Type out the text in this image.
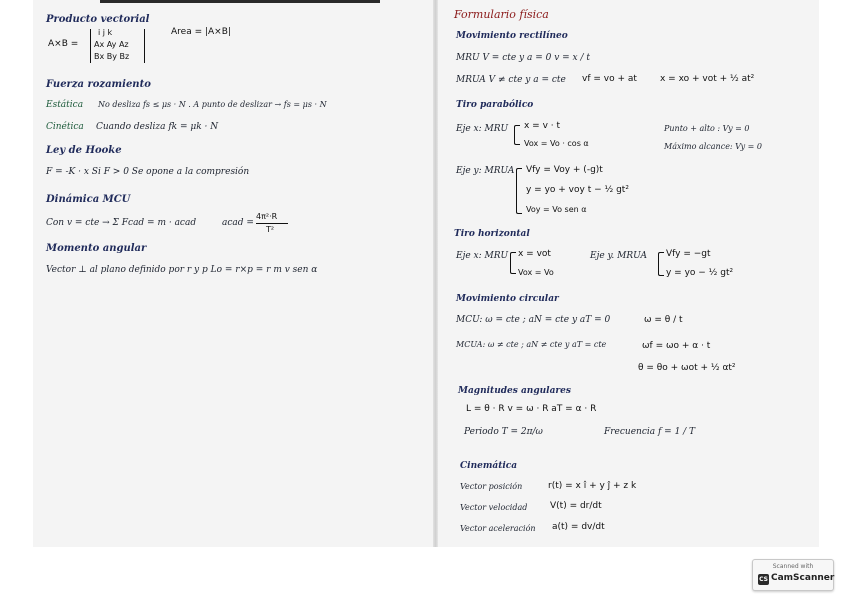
Producto vectorial
A×B =
i j k
Ax Ay Az
Bx By Bz
Area = |A×B|
Fuerza rozamiento
Estática No desliza fs ≤ μs · N . A punto de deslizar → fs = μs · N
Cinética Cuando desliza fk = μk · N
Ley de Hooke
F = -K · x Si F > 0 Se opone a la compresión
Dinámica MCU
Con v = cte → Σ Fcad = m · acad	acad =
4π²·R
T²
Momento angular
Vector ⊥ al plano definido por r y p Lo = r×p = r m v sen α
Formulario física
Movimiento rectilíneo
MRU V = cte y a = 0 v = x / t
MRUA V ≠ cte y a = cte vf = vo + at	x = xo + vot + ½ at²
Tiro parabólico
Eje x: MRU x = v · t
Vox = Vo · cos α
Punto + alto : Vy = 0
Máximo alcance: Vy = 0
Eje y: MRUA Vfy = Voy + (-g)t
y = yo + voy t − ½ gt²
Voy = Vo sen α
Tiro horizontal
Eje x: MRU x = vot
Vox = Vo
Eje y. MRUA Vfy = −gt
y = yo − ½ gt²
Movimiento circular
MCU: ω = cte ; aN = cte y aT = 0	ω = θ / t
MCUA: ω ≠ cte ; aN ≠ cte y aT = cte	ωf = ωo + α · t
θ = θo + ωot + ½ αt²
Magnitudes angulares
L = θ · R v = ω · R aT = α · R
Periodo T = 2π/ω	Frecuencia f = 1 / T
Cinemática
Vector posición	r(t) = x î + y ĵ + z k
Vector velocidad	V(t) = dr/dt
Vector aceleración a(t) = dv/dt
Scanned with
CS CamScanner
